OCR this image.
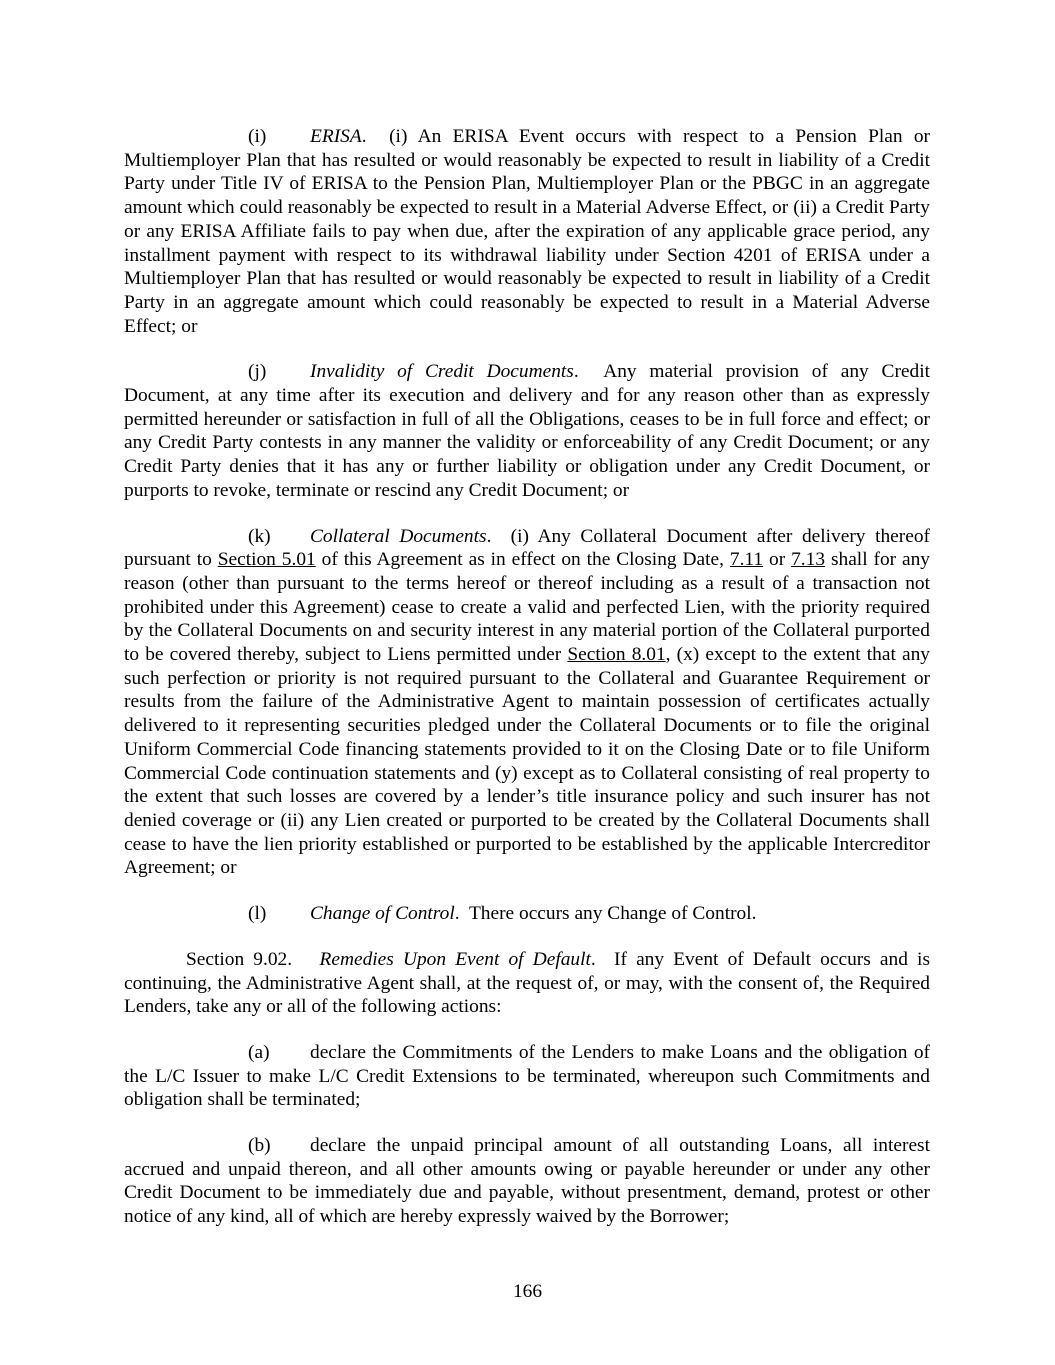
(i) ERISA.  (i) An ERISA Event occurs with respect to a Pension Plan or Multiemployer Plan that has resulted or would reasonably be expected to result in liability of a Credit Party under Title IV of ERISA to the Pension Plan, Multiemployer Plan or the PBGC in an aggregate amount which could reasonably be expected to result in a Material Adverse Effect, or (ii) a Credit Party or any ERISA Affiliate fails to pay when due, after the expiration of any applicable grace period, any installment payment with respect to its withdrawal liability under Section 4201 of ERISA under a Multiemployer Plan that has resulted or would reasonably be expected to result in liability of a Credit Party in an aggregate amount which could reasonably be expected to result in a Material Adverse Effect; or

(j) Invalidity of Credit Documents.  Any material provision of any Credit Document, at any time after its execution and delivery and for any reason other than as expressly permitted hereunder or satisfaction in full of all the Obligations, ceases to be in full force and effect; or any Credit Party contests in any manner the validity or enforceability of any Credit Document; or any Credit Party denies that it has any or further liability or obligation under any Credit Document, or purports to revoke, terminate or rescind any Credit Document; or

(k) Collateral Documents.  (i) Any Collateral Document after delivery thereof pursuant to Section 5.01 of this Agreement as in effect on the Closing Date, 7.11 or 7.13 shall for any reason (other than pursuant to the terms hereof or thereof including as a result of a transaction not prohibited under this Agreement) cease to create a valid and perfected Lien, with the priority required by the Collateral Documents on and security interest in any material portion of the Collateral purported to be covered thereby, subject to Liens permitted under Section 8.01, (x) except to the extent that any such perfection or priority is not required pursuant to the Collateral and Guarantee Requirement or results from the failure of the Administrative Agent to maintain possession of certificates actually delivered to it representing securities pledged under the Collateral Documents or to file the original Uniform Commercial Code financing statements provided to it on the Closing Date or to file Uniform Commercial Code continuation statements and (y) except as to Collateral consisting of real property to the extent that such losses are covered by a lender’s title insurance policy and such insurer has not denied coverage or (ii) any Lien created or purported to be created by the Collateral Documents shall cease to have the lien priority established or purported to be established by the applicable Intercreditor Agreement; or

(l) Change of Control.  There occurs any Change of Control.

Section 9.02. Remedies Upon Event of Default.  If any Event of Default occurs and is continuing, the Administrative Agent shall, at the request of, or may, with the consent of, the Required Lenders, take any or all of the following actions:

(a) declare the Commitments of the Lenders to make Loans and the obligation of the L/C Issuer to make L/C Credit Extensions to be terminated, whereupon such Commitments and obligation shall be terminated;

(b) declare the unpaid principal amount of all outstanding Loans, all interest accrued and unpaid thereon, and all other amounts owing or payable hereunder or under any other Credit Document to be immediately due and payable, without presentment, demand, protest or other notice of any kind, all of which are hereby expressly waived by the Borrower;

166
